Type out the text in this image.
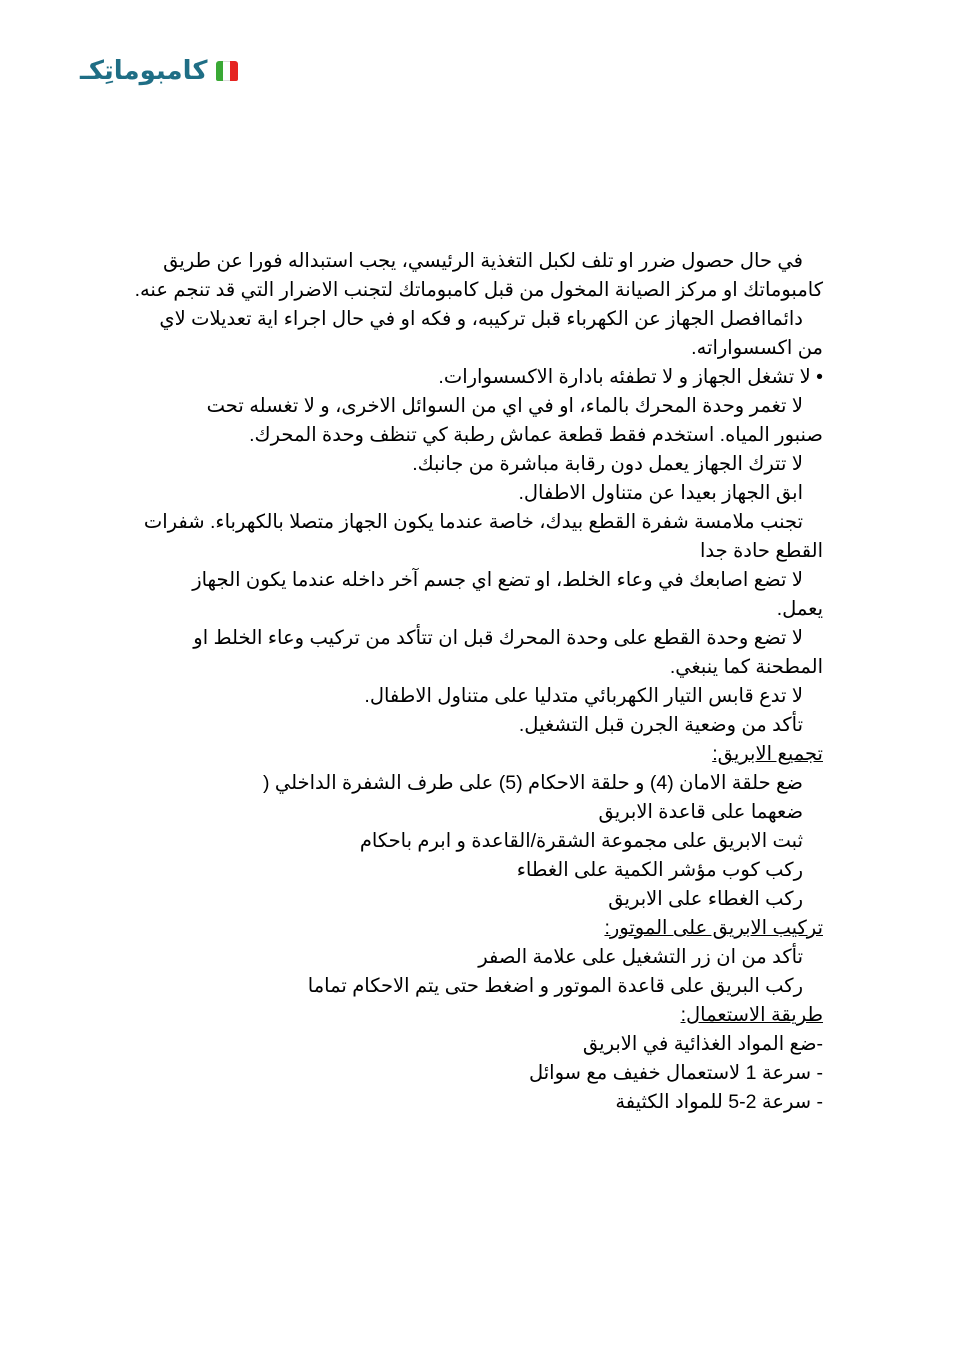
كامبوماتِكـ

في حال حصول ضرر او تلف لكبل التغذية الرئيسي، يجب استبداله فورا عن طريق
كامبوماتك او مركز الصيانة المخول من قبل كامبوماتك لتجنب الاضرار التي قد تنجم عنه.

دائماافصل الجهاز عن الكهرباء قبل تركيبه، و فكه او في حال اجراء اية تعديلات لاي
من اكسسواراته.

• لا تشغل الجهاز و لا تطفئه بادارة الاكسسوارات.

لا تغمر وحدة المحرك بالماء، او في اي من السوائل الاخرى، و لا تغسله تحت
صنبور المياه. استخدم فقط قطعة عماش رطبة كي تنظف وحدة المحرك.

لا تترك الجهاز يعمل دون رقابة مباشرة من جانبك.

ابق الجهاز بعيدا عن متناول الاطفال.

تجنب ملامسة شفرة القطع بيدك، خاصة عندما يكون الجهاز متصلا بالكهرباء. شفرات
القطع حادة جدا

لا تضع اصابعك في وعاء الخلط، او تضع اي جسم آخر داخله عندما يكون الجهاز
يعمل.

لا تضع وحدة القطع على وحدة المحرك قبل ان تتأكد من تركيب وعاء الخلط او
المطحنة كما ينبغي.

لا تدع قابس التيار الكهربائي متدليا على متناول الاطفال.

تأكد من وضعية الجرن قبل التشغيل.

تجميع الابريق:

ضع حلقة الامان (4) و حلقة الاحكام (5) على طرف الشفرة الداخلي (

ضعهما على قاعدة الابريق

ثبت الابريق على مجموعة الشقرة/القاعدة و ابرم باحكام

ركب كوب مؤشر الكمية على الغطاء

ركب الغطاء على الابريق

تركيب الابريق على الموتور:

تأكد من ان زر التشغيل على علامة الصفر

ركب البريق على قاعدة الموتور و اضغط حتى يتم الاحكام تماما

طريقة الاستعمال:

-ضع المواد الغذائية في الابريق

- سرعة 1 لاستعمال خفيف مع سوائل

- سرعة 2-5 للمواد الكثيفة
